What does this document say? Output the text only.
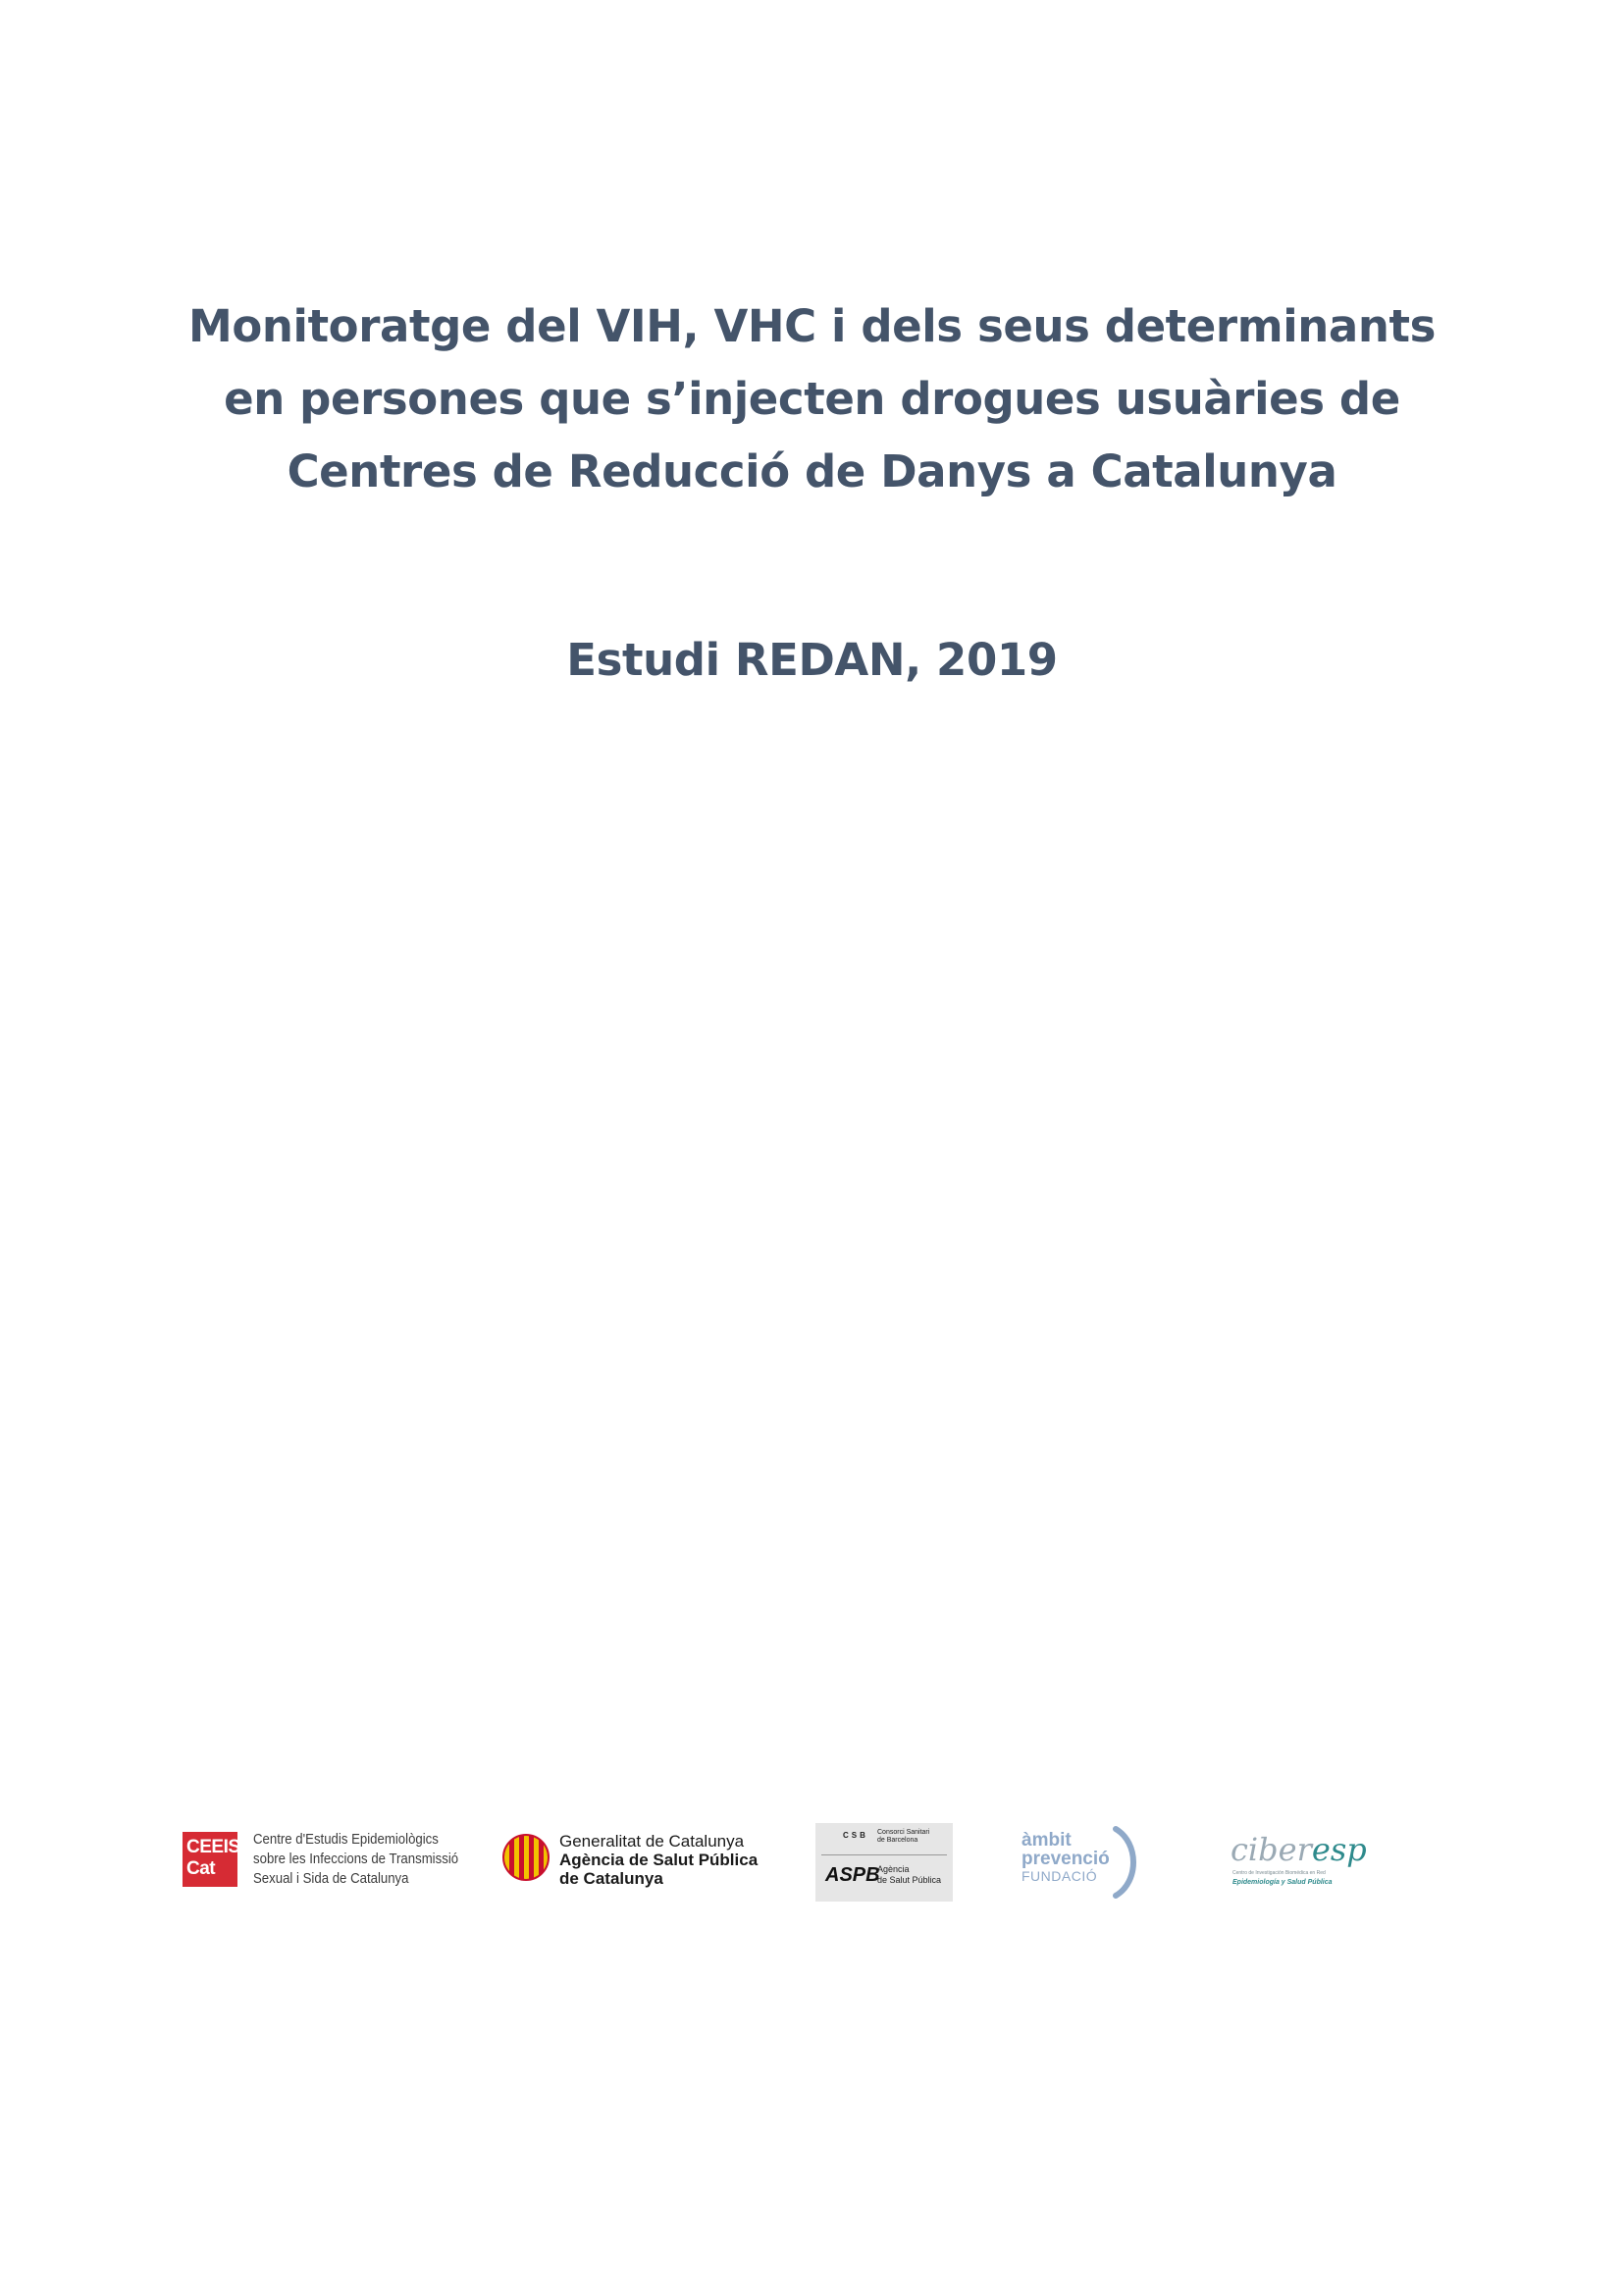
Monitoratge del VIH, VHC i dels seus determinants
en persones que s’injecten drogues usuàries de
Centres de Reducció de Danys a Catalunya
Estudi REDAN, 2019
CEEIS
Cat
Centre d'Estudis Epidemiològics
sobre les Infeccions de Transmissió
Sexual i Sida de Catalunya
Generalitat de Catalunya
Agència de Salut Pública
de Catalunya
CSB Consorci Sanitari
de Barcelona
ASPB
Agència
de Salut Pública
àmbit
prevenció
FUNDACIÓ
ciberesp
Centro de Investigación Biomédica en Red
Epidemiología y Salud Pública
